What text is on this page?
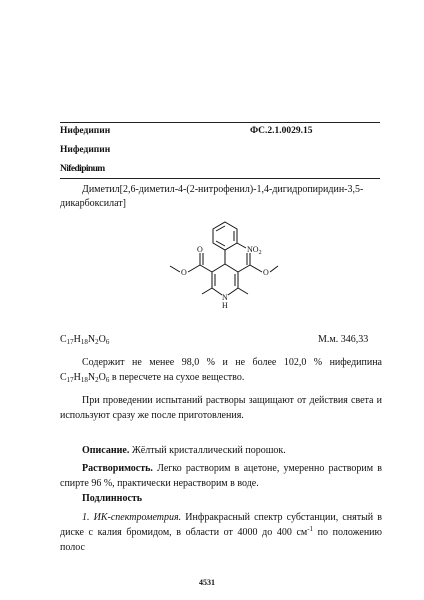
Нифедипин	ФС.2.1.0029.15
Нифедипин
Nifedipinum
Диметил[2,6-диметил-4-(2-нитрофенил)-1,4-дигидропиридин-3,5-дикарбоксилат]
$NO_2$
O
O	O
N
H
$C_{17}H_{18}N_2O_6$	М.м. 346,33
Содержит не менее 98,0 % и не более 102,0 % нифедипина $C_{17}H_{18}N_2O_6$ в пересчете на сухое вещество.
При проведении испытаний растворы защищают от действия света и используют сразу же после приготовления.
Описание. Жёлтый кристаллический порошок.
Растворимость. Легко растворим в ацетоне, умеренно растворим в спирте 96 %, практически нерастворим в воде.
Подлинность
1. ИК-спектрометрия. Инфракрасный спектр субстанции, снятый в диске с калия бромидом, в области от 4000 до 400 $см^{-1}$ по положению полос
4531
